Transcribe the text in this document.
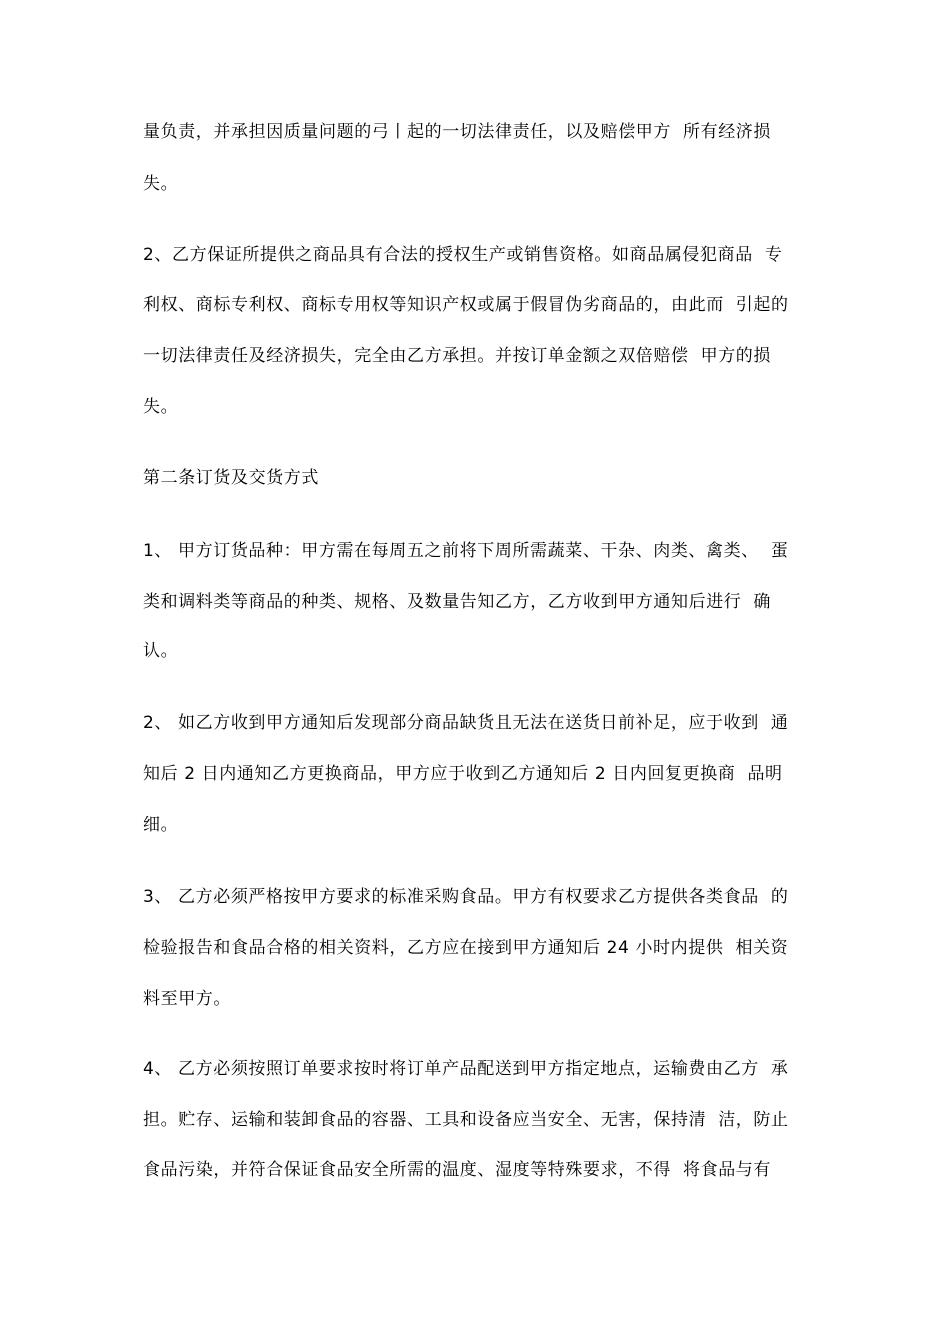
量负责，并承担因质量问题的弓丨起的一切法律责任，以及赔偿甲方  所有经济损
失。
2、乙方保证所提供之商品具有合法的授权生产或销售资格。如商品属侵犯商品  专
利权、商标专利权、商标专用权等知识产权或属于假冒伪劣商品的，由此而  引起的
一切法律责任及经济损失，完全由乙方承担。并按订单金额之双倍赔偿  甲方的损
失。
第二条订货及交货方式
1、 甲方订货品种：甲方需在每周五之前将下周所需蔬菜、干杂、肉类、禽类、  蛋
类和调料类等商品的种类、规格、及数量告知乙方，乙方收到甲方通知后进行  确
认。
2、 如乙方收到甲方通知后发现部分商品缺货且无法在送货日前补足，应于收到  通
知后 2 日内通知乙方更换商品，甲方应于收到乙方通知后 2 日内回复更换商  品明
细。
3、 乙方必须严格按甲方要求的标准采购食品。甲方有权要求乙方提供各类食品  的
检验报告和食品合格的相关资料，乙方应在接到甲方通知后 24 小时内提供  相关资
料至甲方。
4、 乙方必须按照订单要求按时将订单产品配送到甲方指定地点，运输费由乙方  承
担。贮存、运输和装卸食品的容器、工具和设备应当安全、无害，保持清  洁，防止
食品污染，并符合保证食品安全所需的温度、湿度等特殊要求，不得  将食品与有
